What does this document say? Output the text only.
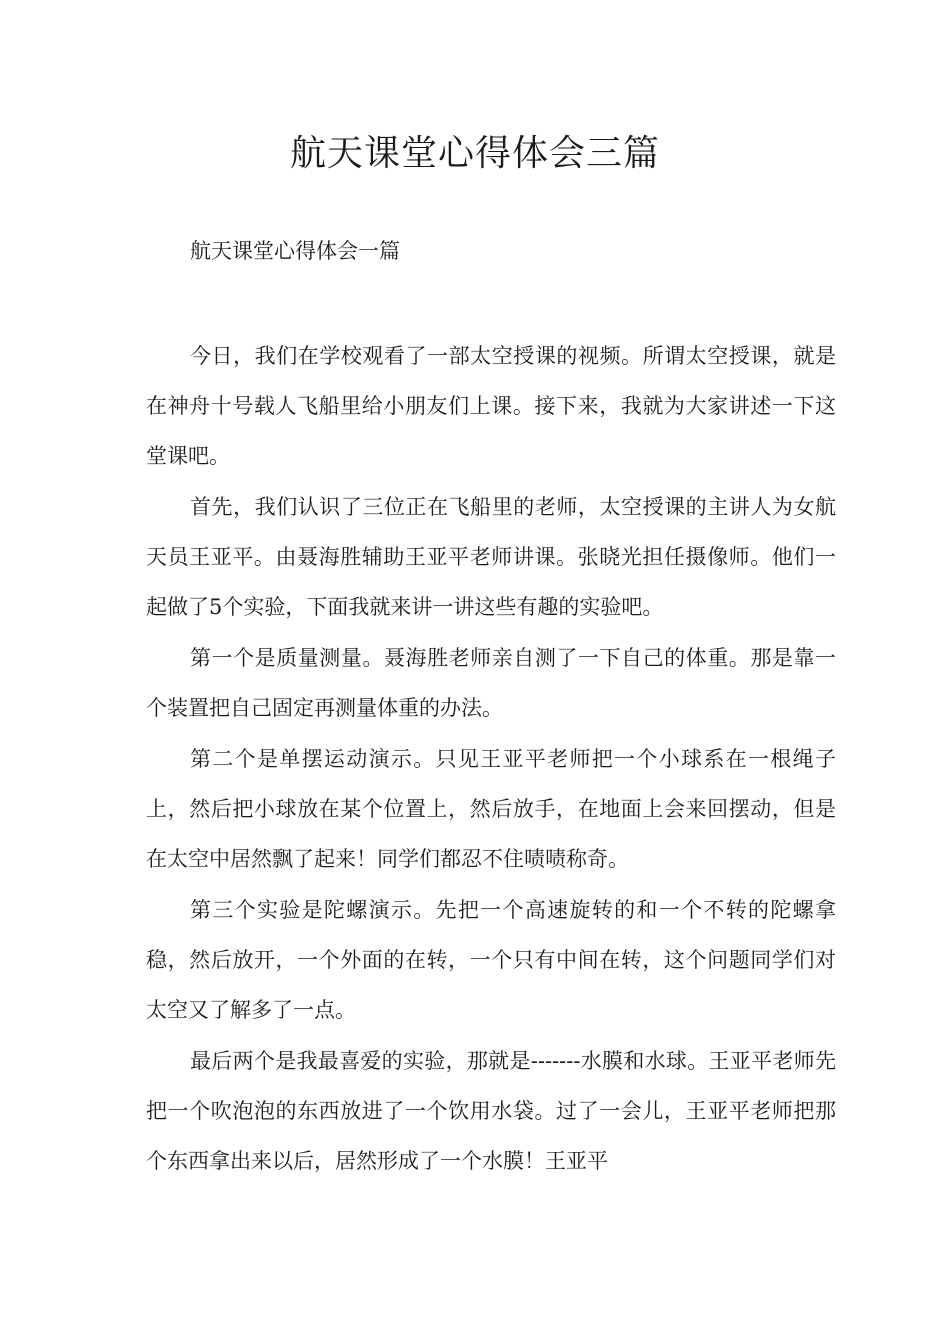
航天课堂心得体会三篇
航天课堂心得体会一篇

今日，我们在学校观看了一部太空授课的视频。所谓太空授课，就是在神舟十号载人飞船里给小朋友们上课。接下来，我就为大家讲述一下这堂课吧。

首先，我们认识了三位正在飞船里的老师，太空授课的主讲人为女航天员王亚平。由聂海胜辅助王亚平老师讲课。张晓光担任摄像师。他们一起做了5个实验，下面我就来讲一讲这些有趣的实验吧。

第一个是质量测量。聂海胜老师亲自测了一下自己的体重。那是靠一个装置把自己固定再测量体重的办法。

第二个是单摆运动演示。只见王亚平老师把一个小球系在一根绳子上，然后把小球放在某个位置上，然后放手，在地面上会来回摆动，但是在太空中居然飘了起来！同学们都忍不住啧啧称奇。

第三个实验是陀螺演示。先把一个高速旋转的和一个不转的陀螺拿稳，然后放开，一个外面的在转，一个只有中间在转，这个问题同学们对太空又了解多了一点。

最后两个是我最喜爱的实验，那就是-------水膜和水球。王亚平老师先把一个吹泡泡的东西放进了一个饮用水袋。过了一会儿，王亚平老师把那个东西拿出来以后，居然形成了一个水膜！王亚平
